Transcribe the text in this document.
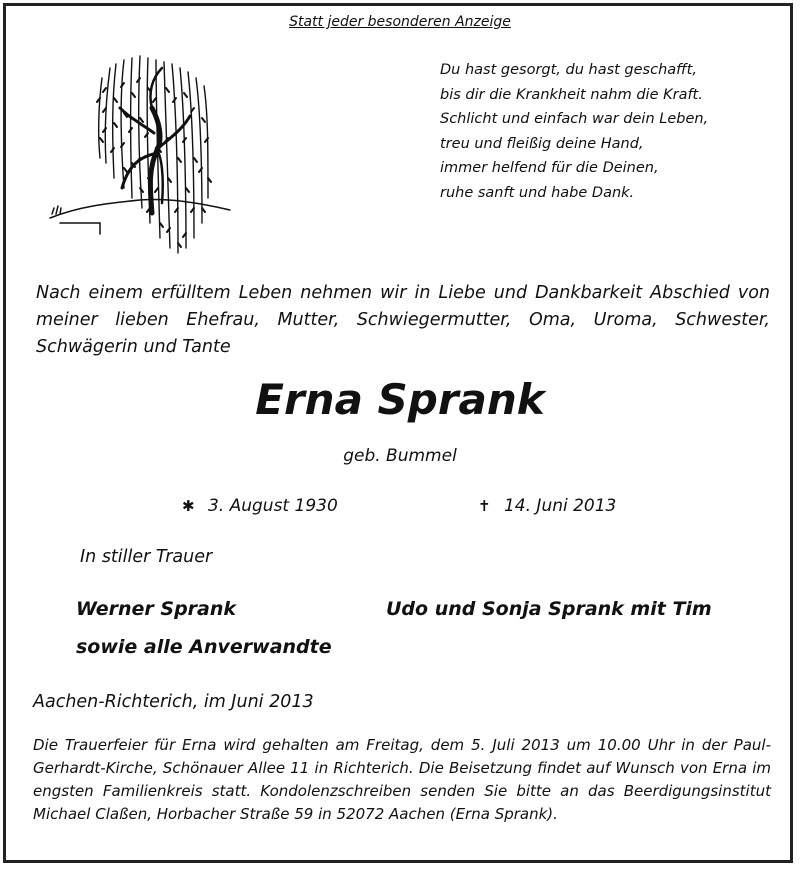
Statt jeder besonderen Anzeige
Du hast gesorgt, du hast geschafft,
bis dir die Krankheit nahm die Kraft.
Schlicht und einfach war dein Leben,
treu und fleißig deine Hand,
immer helfend für die Deinen,
ruhe sanft und habe Dank.
Nach einem erfülltem Leben nehmen wir in Liebe und Dankbarkeit Abschied von meiner lieben Ehefrau, Mutter, Schwiegermutter, Oma, Uroma, Schwester, Schwägerin und Tante
Erna Sprank
geb. Bummel
✱ 3. August 1930	✝ 14. Juni 2013
In stiller Trauer
Werner Sprank
sowie alle Anverwandte
Udo und Sonja Sprank mit Tim
Aachen-Richterich, im Juni 2013
Die Trauerfeier für Erna wird gehalten am Freitag, dem 5. Juli 2013 um 10.00 Uhr in der Paul-Gerhardt-Kirche, Schönauer Allee 11 in Richterich. Die Beisetzung findet auf Wunsch von Erna im engsten Familienkreis statt. Kondolenzschreiben senden Sie bitte an das Beerdigungsinstitut Michael Claßen, Horbacher Straße 59 in 52072 Aachen (Erna Sprank).
